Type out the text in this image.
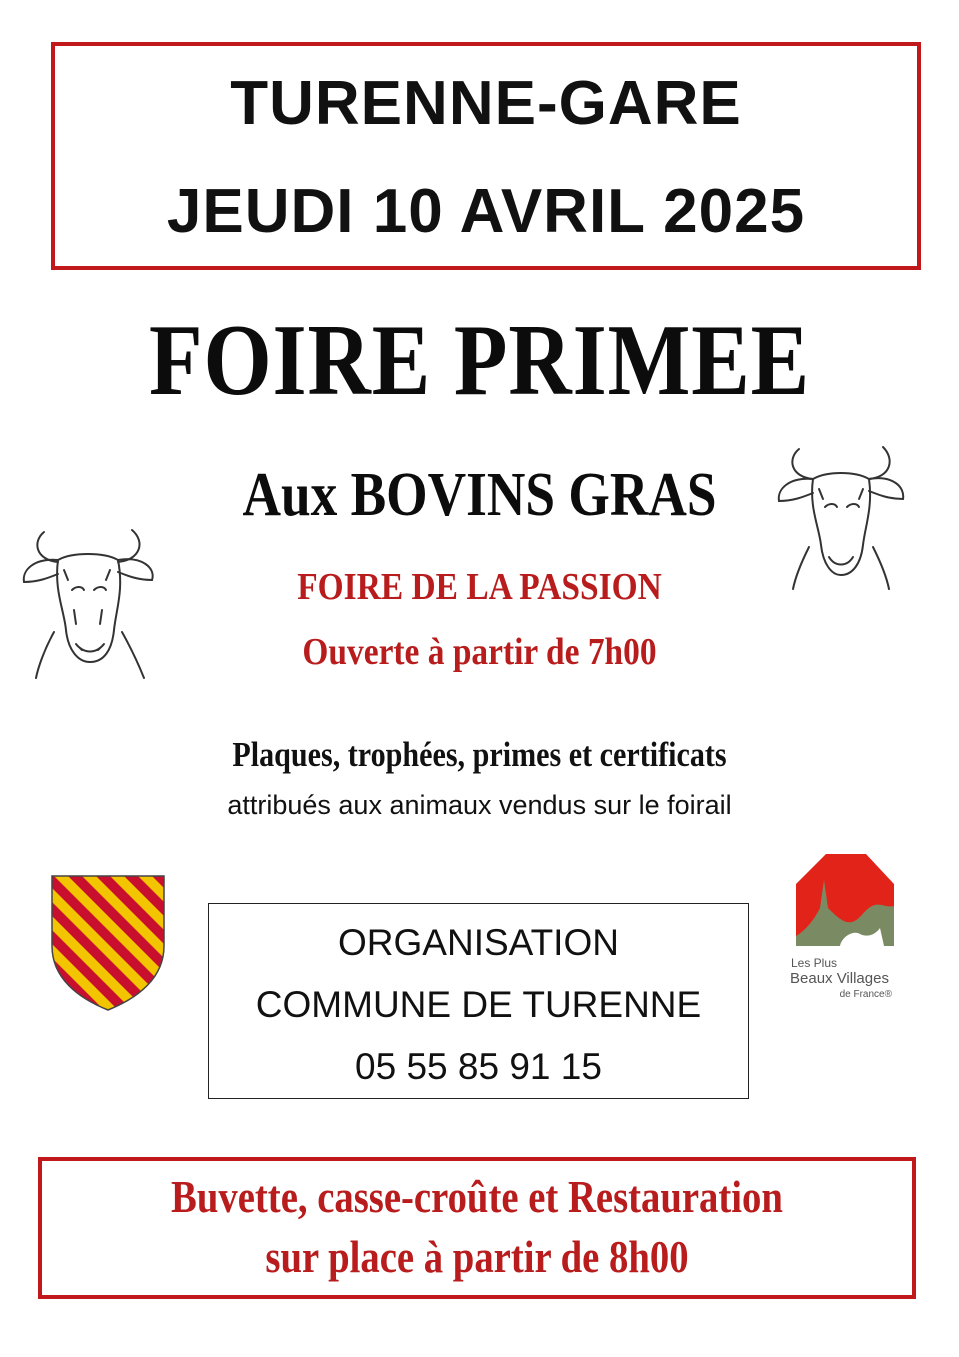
TURENNE-GARE
JEUDI 10 AVRIL 2025
FOIRE PRIMEE
Aux BOVINS GRAS
FOIRE DE LA PASSION
Ouverte à partir de 7h00
Plaques, trophées, primes et certificats
attribués aux animaux vendus sur le foirail
ORGANISATION
COMMUNE DE TURENNE
05 55 85 91 15
Les Plus
Beaux Villages
de France®
Buvette, casse-croûte et Restauration
sur place à partir de 8h00
